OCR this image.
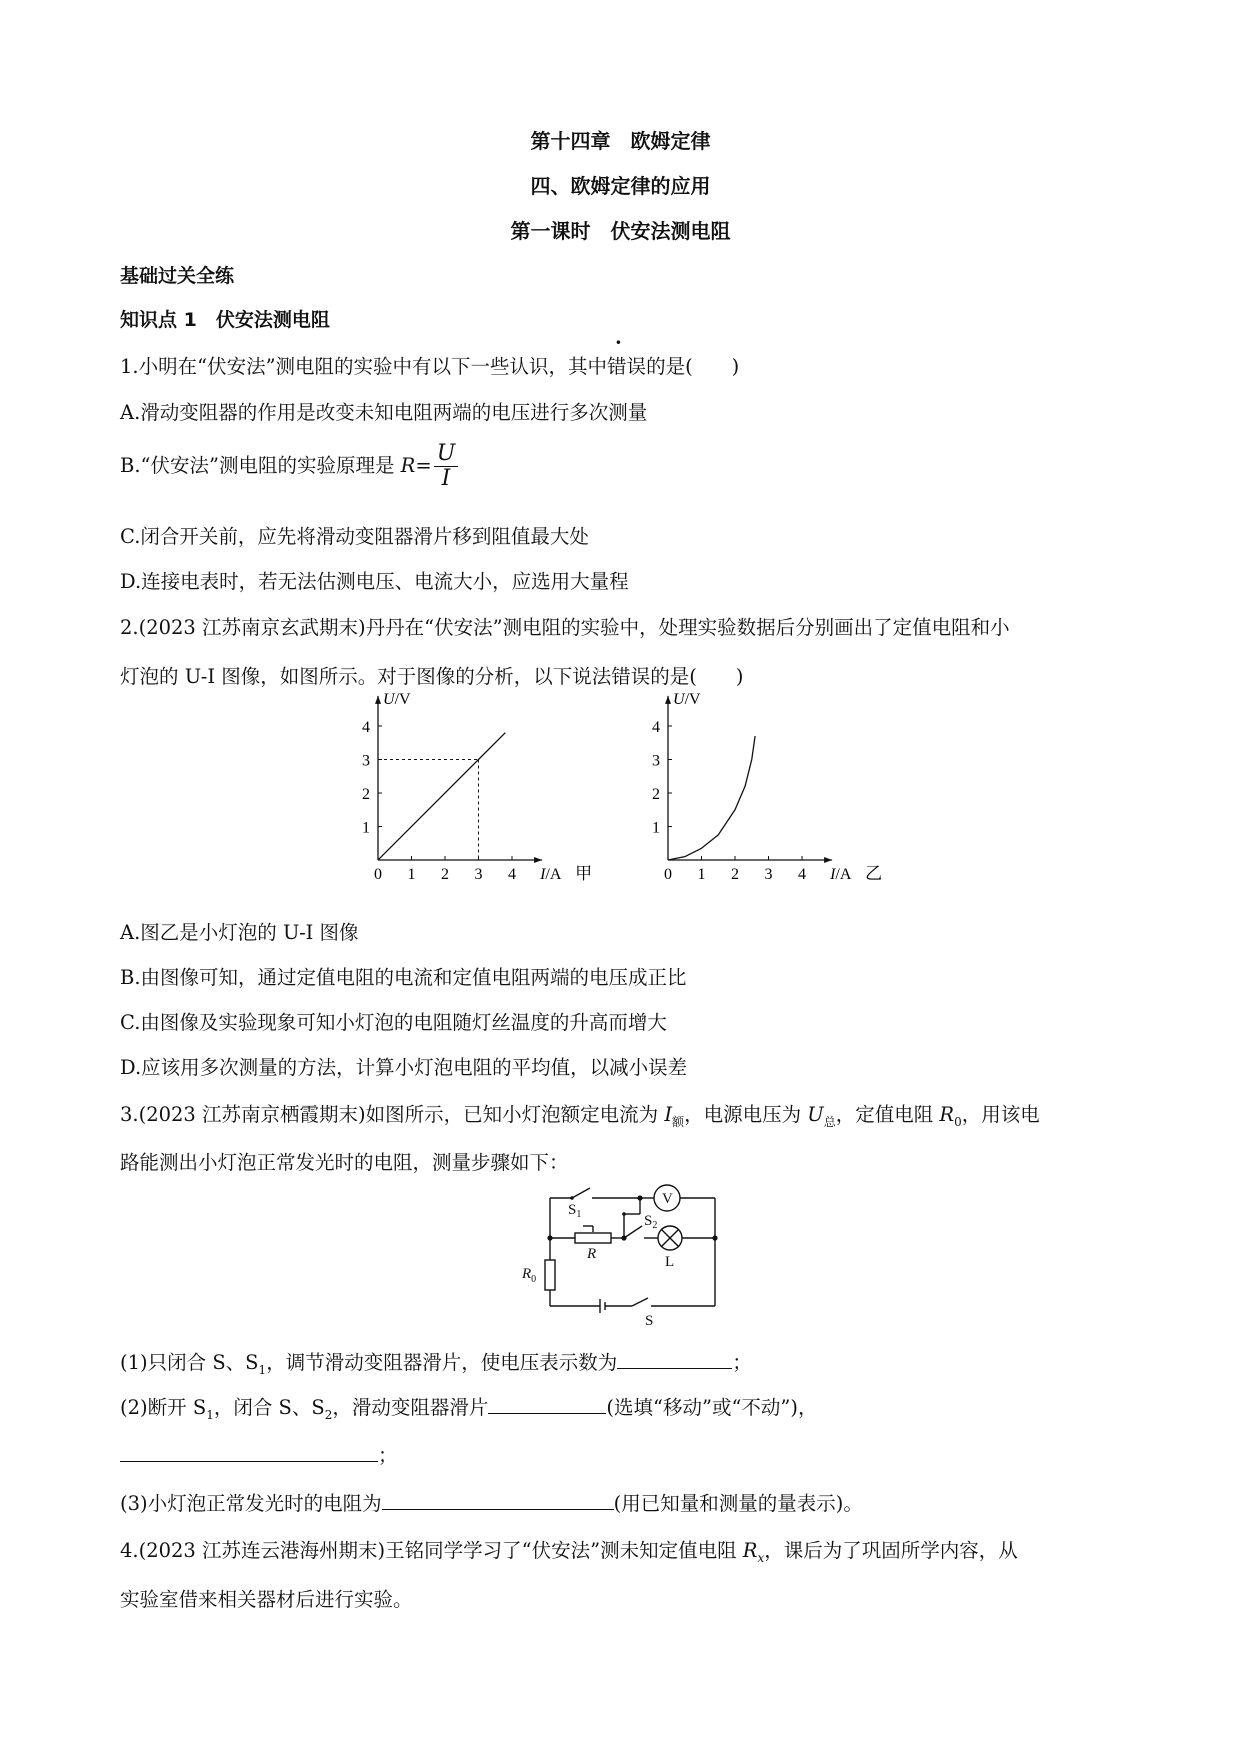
第十四章　欧姆定律
四、欧姆定律的应用
第一课时　伏安法测电阻
基础过关全练
知识点 1　伏安法测电阻
1.小明在“伏安法”测电阻的实验中有以下一些认识，其中错误的是(　　)
A.滑动变阻器的作用是改变未知电阻两端的电压进行多次测量
B.“伏安法”测电阻的实验原理是 $R= \frac{U}{I}$
C.闭合开关前，应先将滑动变阻器滑片移到阻值最大处
D.连接电表时，若无法估测电压、电流大小，应选用大量程
2.(2023 江苏南京玄武期末)丹丹在“伏安法”测电阻的实验中，处理实验数据后分别画出了定值电阻和小
灯泡的 U-I 图像，如图所示。对于图像的分析，以下说法错误的是(　　)
0 1 2 3 4
1
2
3
4
U/V
I/A 甲	0 1 2 3 4
1
2
3
4
U/V
I/A 乙
A.图乙是小灯泡的 U-I 图像
B.由图像可知，通过定值电阻的电流和定值电阻两端的电压成正比
C.由图像及实验现象可知小灯泡的电阻随灯丝温度的升高而增大
D.应该用多次测量的方法，计算小灯泡电阻的平均值，以减小误差
3.(2023 江苏南京栖霞期末)如图所示，已知小灯泡额定电流为 $I_额$，电源电压为 $U_总$，定值电阻 $R_0$，用该电
路能测出小灯泡正常发光时的电阻，测量步骤如下：
$S_1$	$S_2$
V
R
$R_0$
L
S
(1)只闭合 S、$S_1$，调节滑动变阻器滑片，使电压表示数为	；
(2)断开 $S_1$，闭合 S、$S_2$，滑动变阻器滑片	(选填“移动”或“不动”)，
；
(3)小灯泡正常发光时的电阻为	(用已知量和测量的量表示)。
4.(2023 江苏连云港海州期末)王铭同学学习了“伏安法”测未知定值电阻 $R_x$，课后为了巩固所学内容，从
实验室借来相关器材后进行实验。
